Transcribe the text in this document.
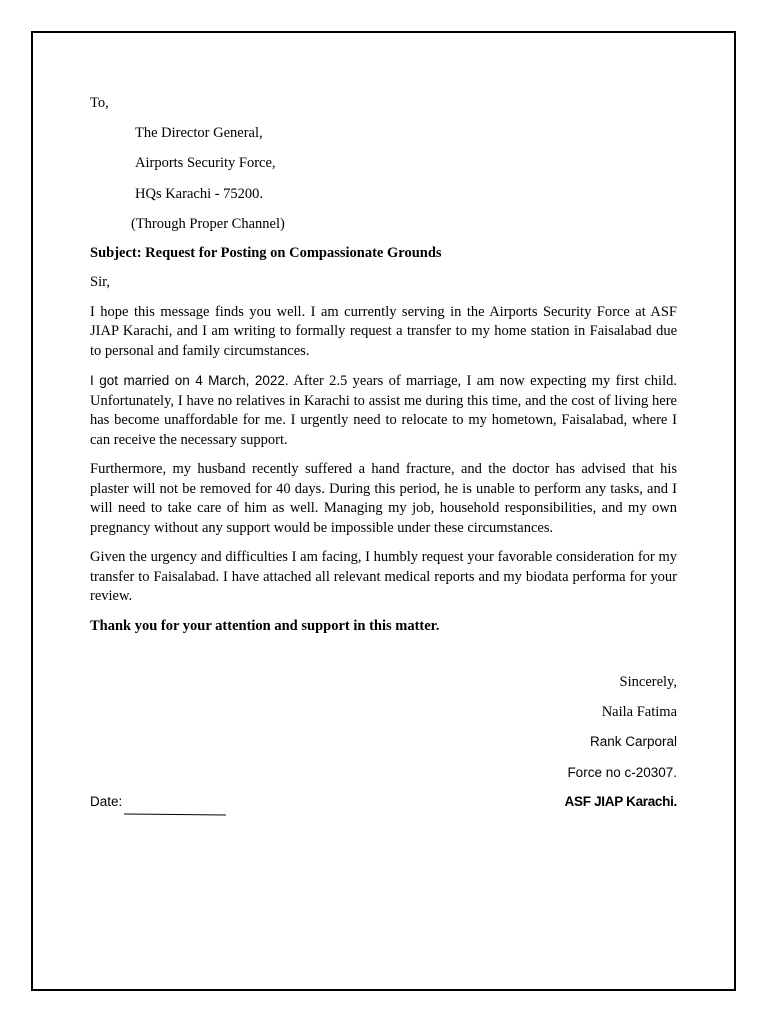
To,

The Director General,

Airports Security Force,

HQs Karachi - 75200.

(Through Proper Channel)

Subject: Request for Posting on Compassionate Grounds

Sir,

I hope this message finds you well. I am currently serving in the Airports Security Force at ASF JIAP Karachi, and I am writing to formally request a transfer to my home station in Faisalabad due to personal and family circumstances.

I got married on 4 March, 2022. After 2.5 years of marriage, I am now expecting my first child. Unfortunately, I have no relatives in Karachi to assist me during this time, and the cost of living here has become unaffordable for me. I urgently need to relocate to my hometown, Faisalabad, where I can receive the necessary support.

Furthermore, my husband recently suffered a hand fracture, and the doctor has advised that his plaster will not be removed for 40 days. During this period, he is unable to perform any tasks, and I will need to take care of him as well. Managing my job, household responsibilities, and my own pregnancy without any support would be impossible under these circumstances.

Given the urgency and difficulties I am facing, I humbly request your favorable consideration for my transfer to Faisalabad. I have attached all relevant medical reports and my biodata performa for your review.

Thank you for your attention and support in this matter.

Sincerely,
Naila Fatima
Rank Carporal
Force no c-20307.
ASF JIAP Karachi.
Date:
